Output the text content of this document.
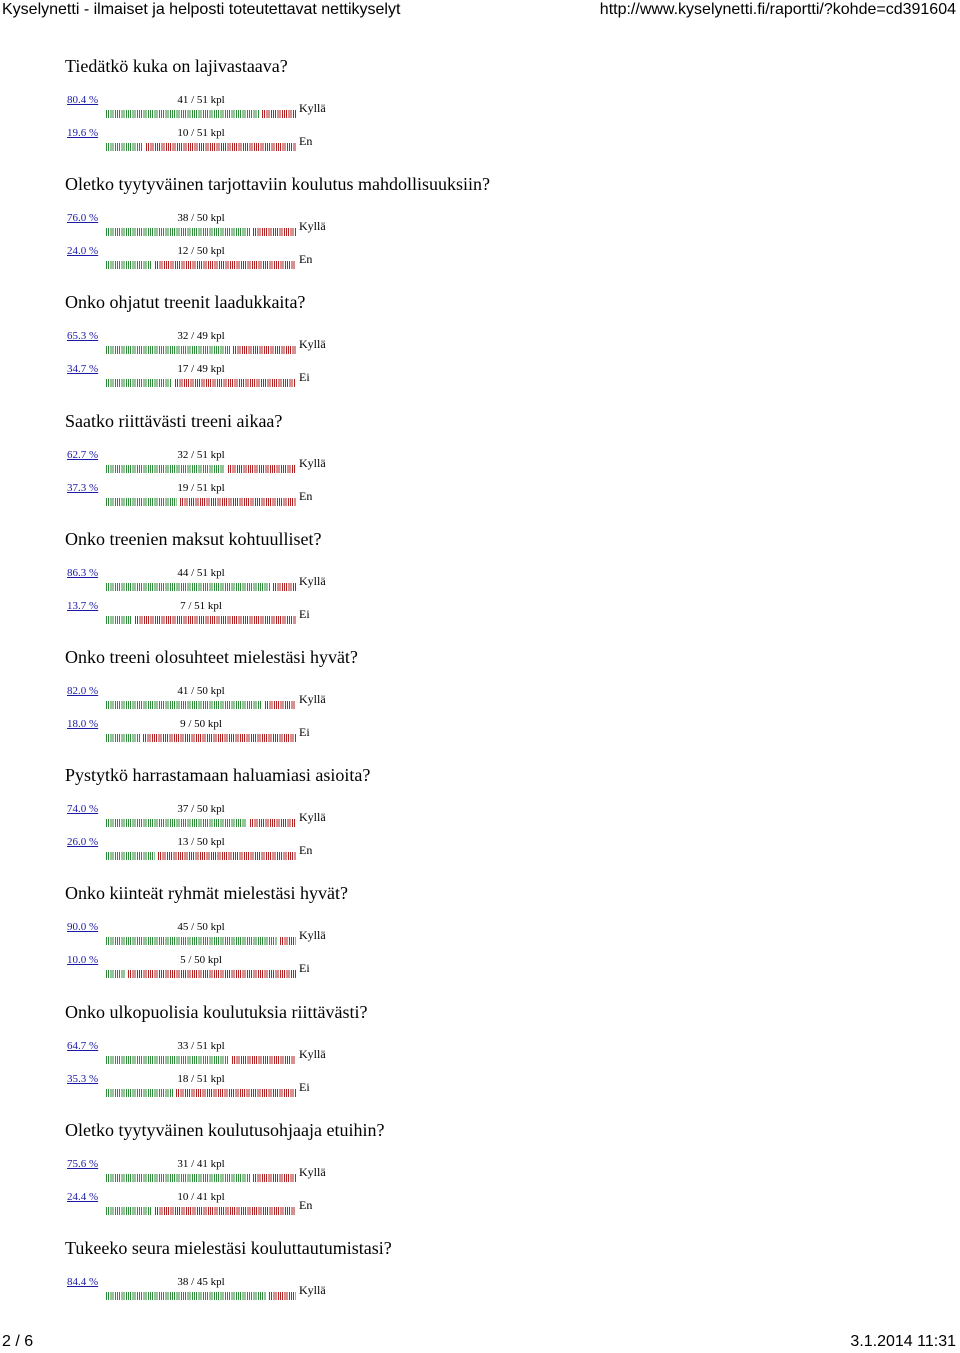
Kyselynetti - ilmaiset ja helposti toteutettavat nettikyselyt	http://www.kyselynetti.fi/raportti/?kohde=cd391604
Tiedätkö kuka on lajivastaava?
80.4 %	41 / 51 kpl
Kyllä
19.6 %	10 / 51 kpl
En
Oletko tyytyväinen tarjottaviin koulutus mahdollisuuksiin?
76.0 %	38 / 50 kpl
Kyllä
24.0 %	12 / 50 kpl
En
Onko ohjatut treenit laadukkaita?
65.3 %	32 / 49 kpl
Kyllä
34.7 %	17 / 49 kpl
Ei
Saatko riittävästi treeni aikaa?
62.7 %	32 / 51 kpl
Kyllä
37.3 %	19 / 51 kpl
En
Onko treenien maksut kohtuulliset?
86.3 %	44 / 51 kpl
Kyllä
13.7 %	7 / 51 kpl
Ei
Onko treeni olosuhteet mielestäsi hyvät?
82.0 %	41 / 50 kpl
Kyllä
18.0 %	9 / 50 kpl
Ei
Pystytkö harrastamaan haluamiasi asioita?
74.0 %	37 / 50 kpl
Kyllä
26.0 %	13 / 50 kpl
En
Onko kiinteät ryhmät mielestäsi hyvät?
90.0 %	45 / 50 kpl
Kyllä
10.0 %	5 / 50 kpl
Ei
Onko ulkopuolisia koulutuksia riittävästi?
64.7 %	33 / 51 kpl
Kyllä
35.3 %	18 / 51 kpl
Ei
Oletko tyytyväinen koulutusohjaaja etuihin?
75.6 %	31 / 41 kpl
Kyllä
24.4 %	10 / 41 kpl
En
Tukeeko seura mielestäsi kouluttautumistasi?
84.4 %	38 / 45 kpl
Kyllä
2 / 6	3.1.2014 11:31
